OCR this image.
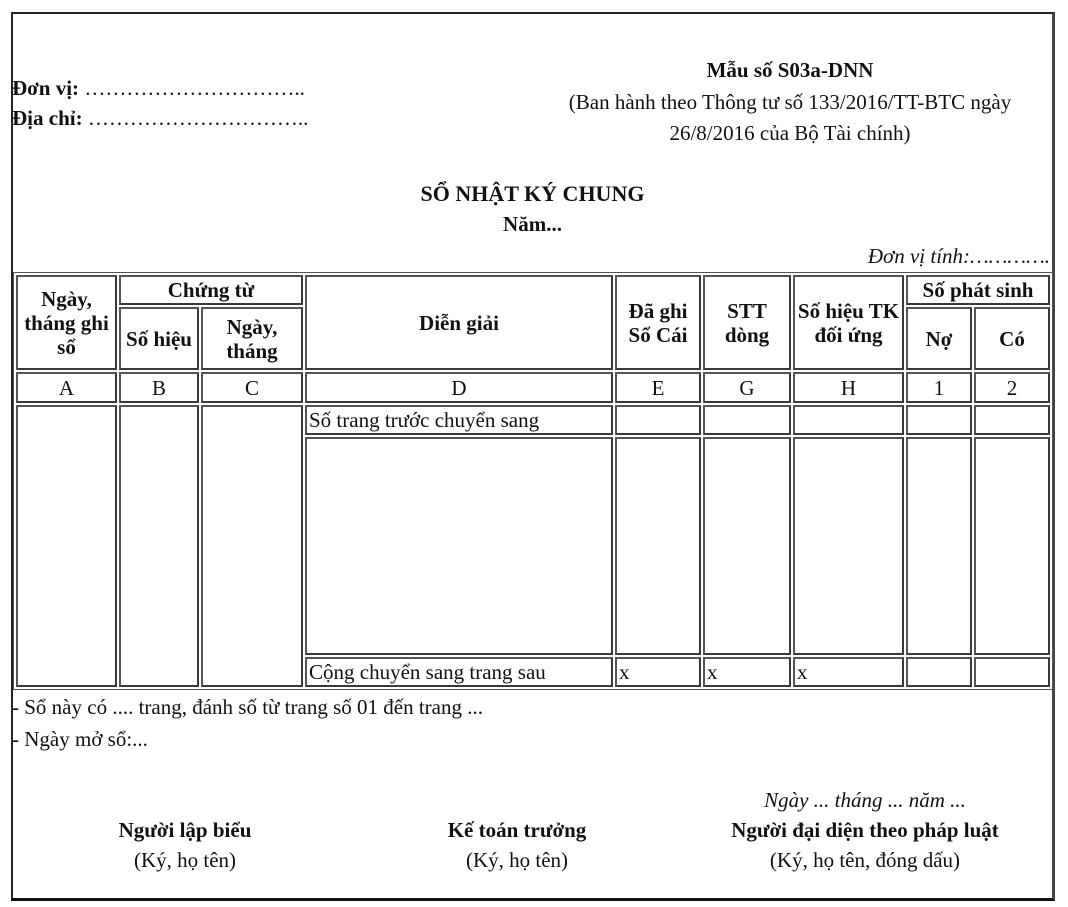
Đơn vị: …………………………..
Địa chỉ: …………………………..
Mẫu số S03a-DNN
(Ban hành theo Thông tư số 133/2016/TT-BTC ngày
26/8/2016 của Bộ Tài chính)
SỔ NHẬT KÝ CHUNG
Năm...
Đơn vị tính:………….
Ngày, tháng ghi sổ	Chứng từ		Diễn giải	Đã ghi Sổ Cái	STT dòng	Số hiệu TK đối ứng	Số phát sinh	
	Số hiệu	Ngày, tháng					Nợ	Có
A	B	C	D	E	G	H	1	2
			Số trang trước chuyển sang					

			Cộng chuyển sang trang sau	x	x	x		
- Sổ này có .... trang, đánh số từ trang số 01 đến trang ...
- Ngày mở sổ:...
Người lập biểu
(Ký, họ tên)
Kế toán trưởng
(Ký, họ tên)
Ngày ... tháng ... năm ...
Người đại diện theo pháp luật
(Ký, họ tên, đóng dấu)
